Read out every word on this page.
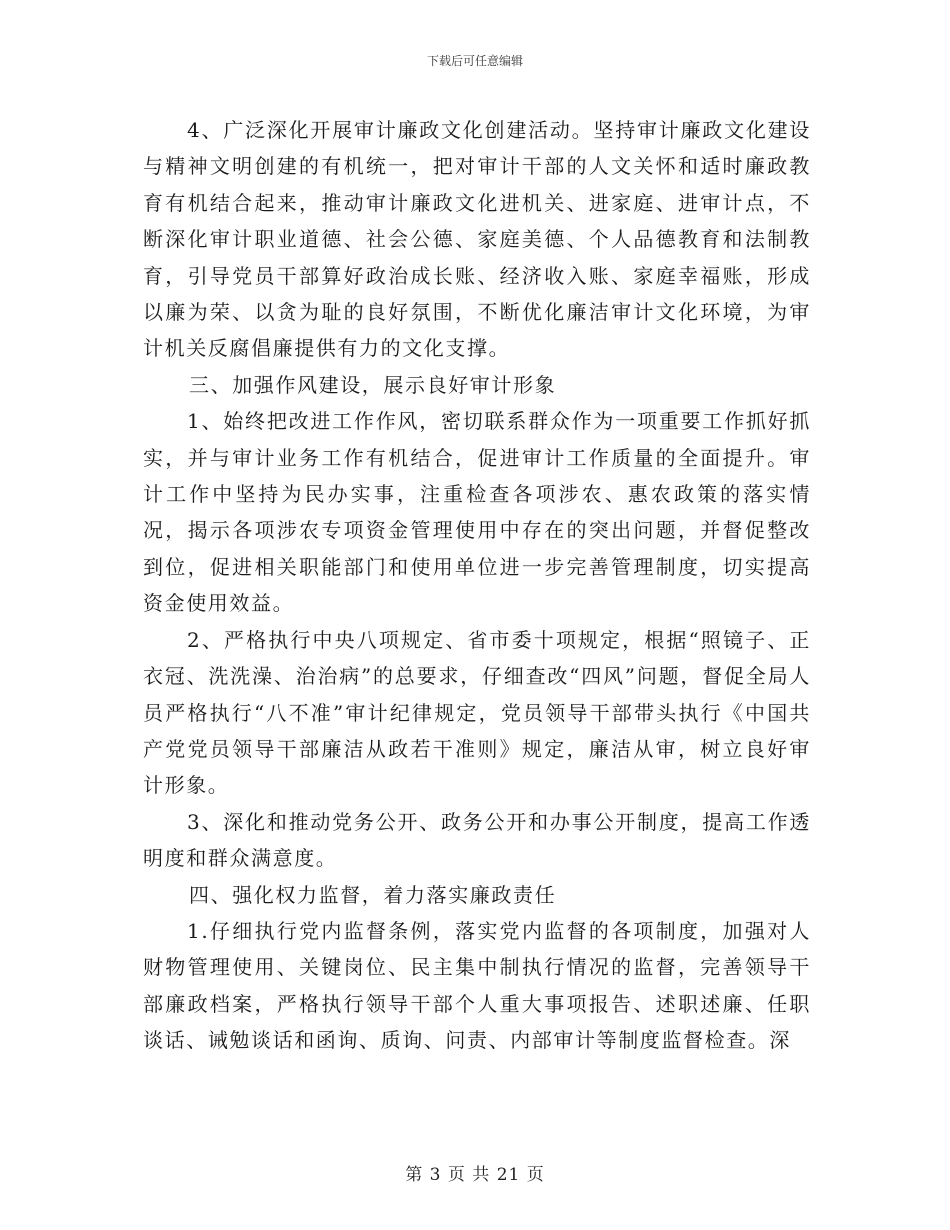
下载后可任意编辑

4、广泛深化开展审计廉政文化创建活动。坚持审计廉政文化建设与精神文明创建的有机统一，把对审计干部的人文关怀和适时廉政教育有机结合起来，推动审计廉政文化进机关、进家庭、进审计点，不断深化审计职业道德、社会公德、家庭美德、个人品德教育和法制教育，引导党员干部算好政治成长账、经济收入账、家庭幸福账，形成以廉为荣、以贪为耻的良好氛围，不断优化廉洁审计文化环境，为审计机关反腐倡廉提供有力的文化支撑。

三、加强作风建设，展示良好审计形象

1、始终把改进工作作风，密切联系群众作为一项重要工作抓好抓实，并与审计业务工作有机结合，促进审计工作质量的全面提升。审计工作中坚持为民办实事，注重检查各项涉农、惠农政策的落实情况，揭示各项涉农专项资金管理使用中存在的突出问题，并督促整改到位，促进相关职能部门和使用单位进一步完善管理制度，切实提高资金使用效益。

2、严格执行中央八项规定、省市委十项规定，根据“照镜子、正衣冠、洗洗澡、治治病”的总要求，仔细查改“四风”问题，督促全局人员严格执行“八不准”审计纪律规定，党员领导干部带头执行《中国共产党党员领导干部廉洁从政若干准则》规定，廉洁从审，树立良好审计形象。

3、深化和推动党务公开、政务公开和办事公开制度，提高工作透明度和群众满意度。

四、强化权力监督，着力落实廉政责任

1.仔细执行党内监督条例，落实党内监督的各项制度，加强对人财物管理使用、关键岗位、民主集中制执行情况的监督，完善领导干部廉政档案，严格执行领导干部个人重大事项报告、述职述廉、任职谈话、诫勉谈话和函询、质询、问责、内部审计等制度监督检查。深

第 3 页 共 21 页
